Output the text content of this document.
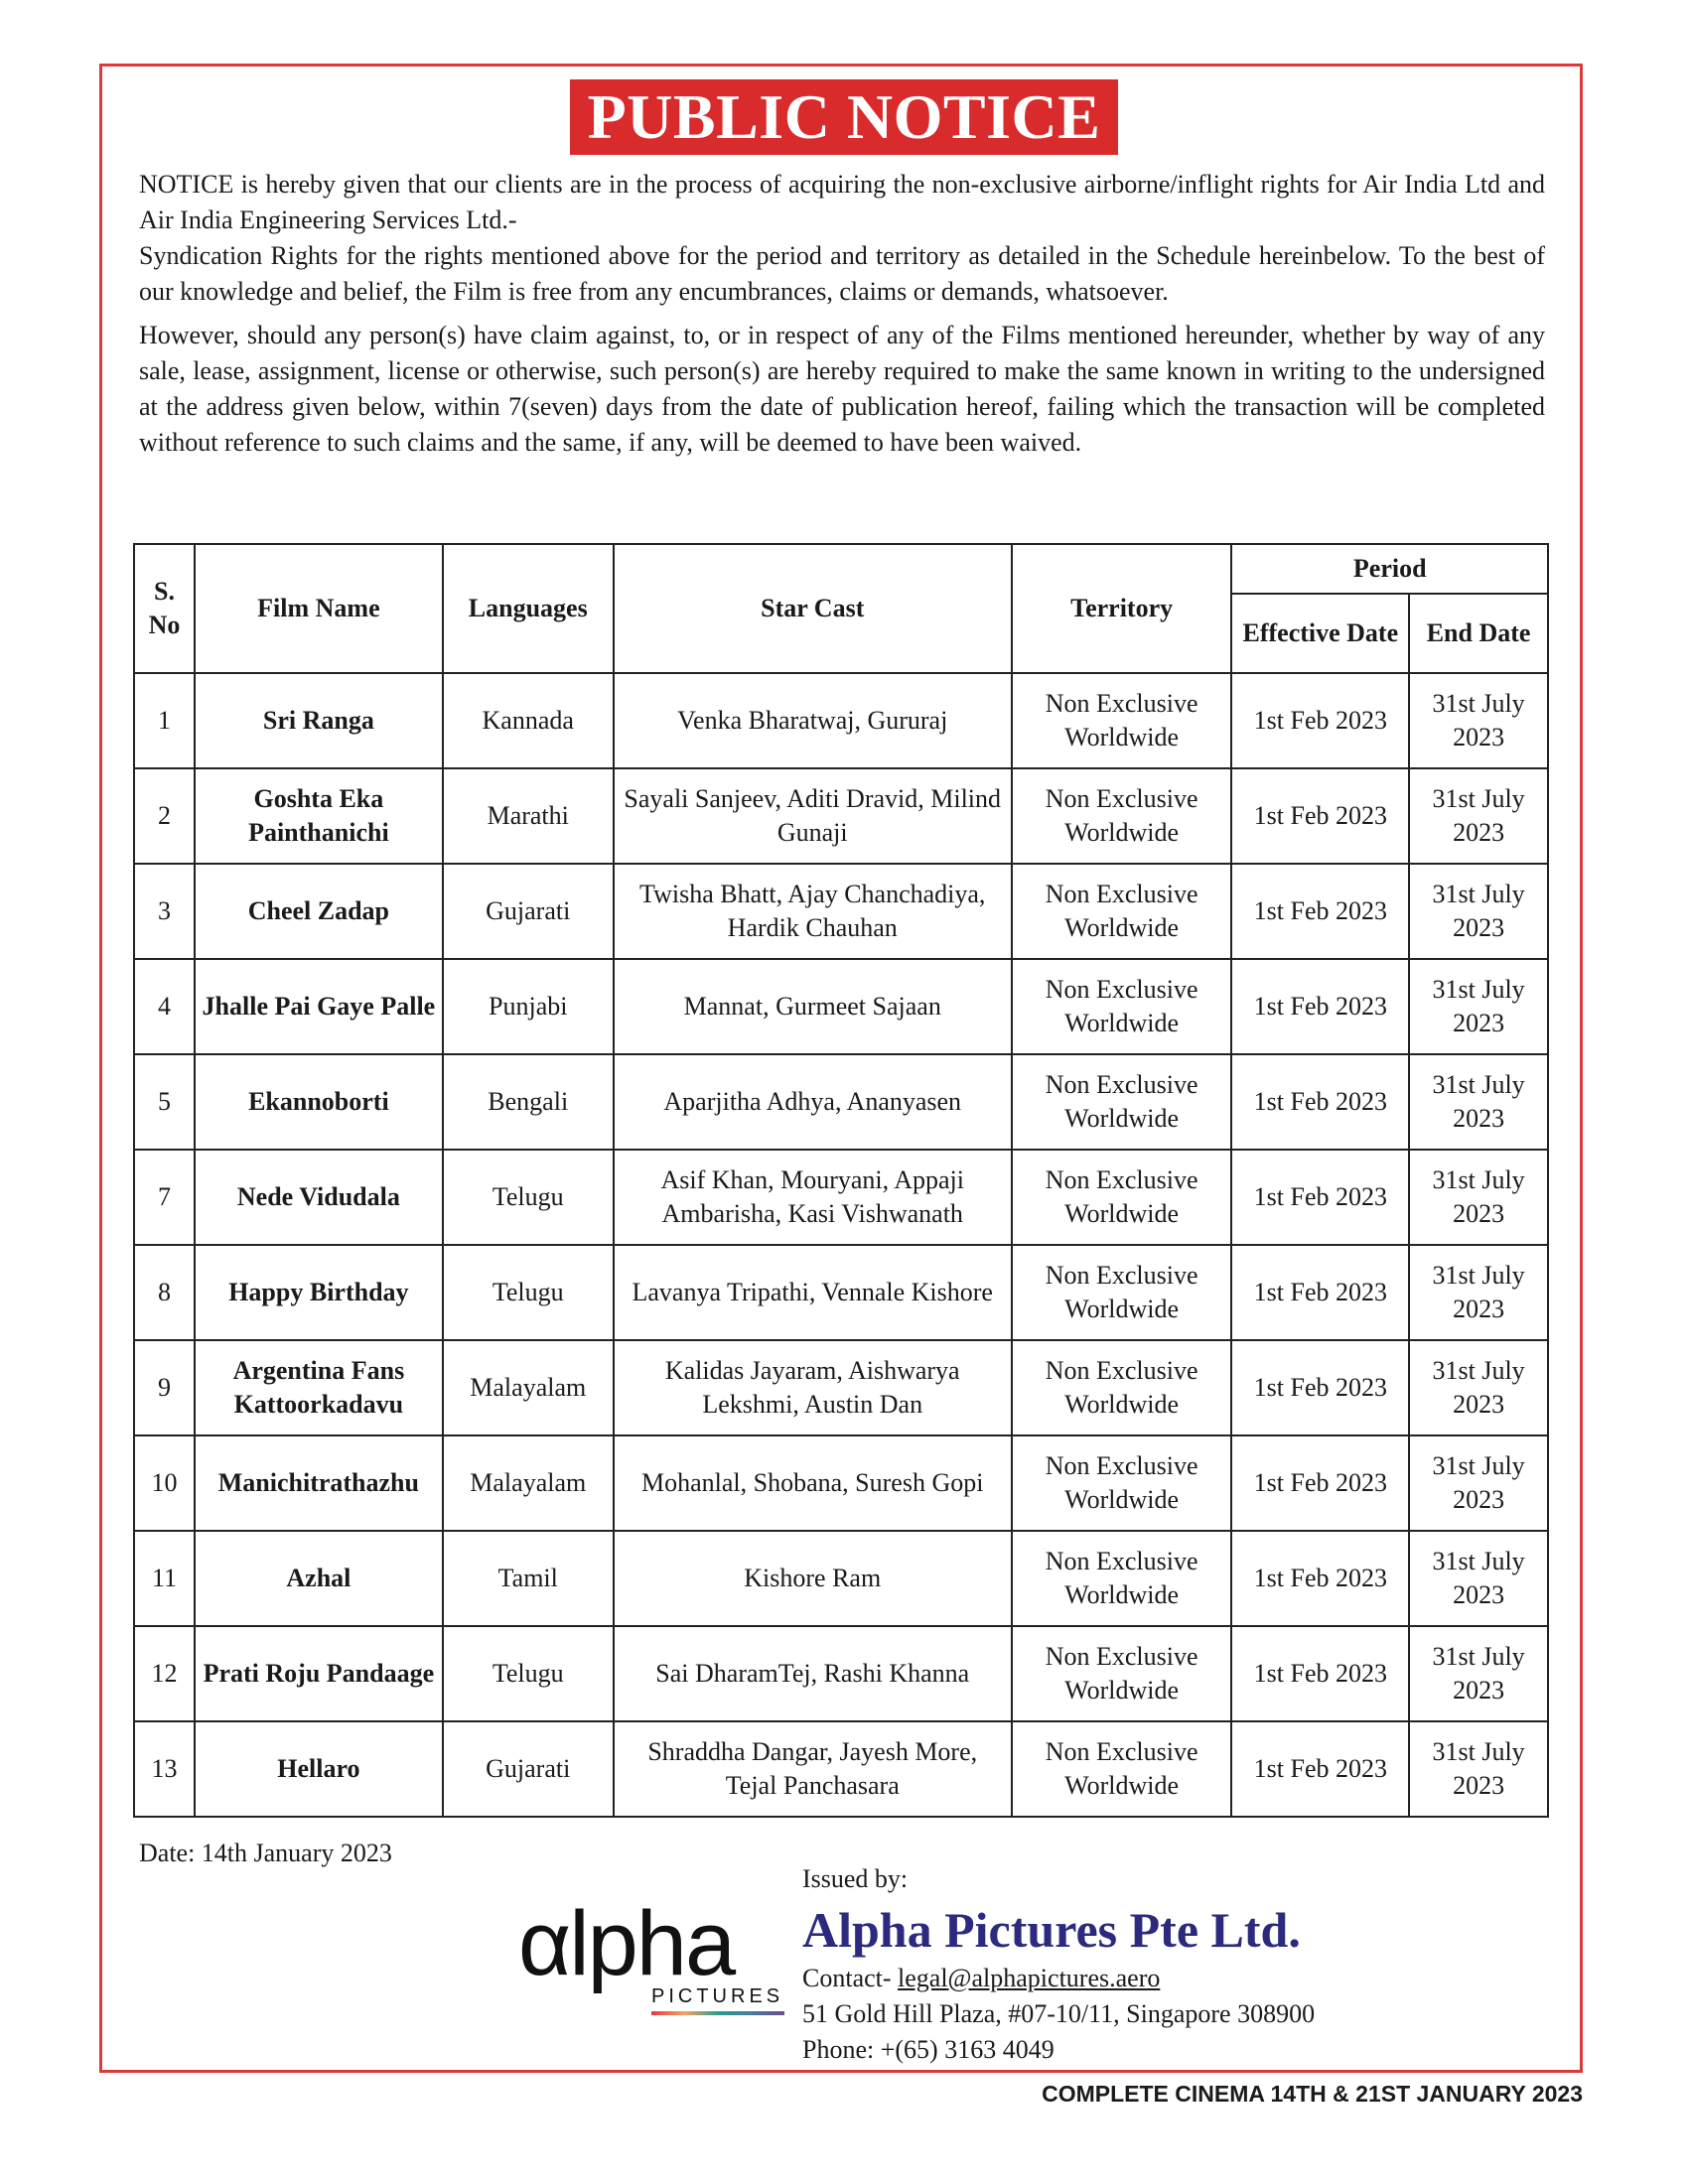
PUBLIC NOTICE

NOTICE is hereby given that our clients are in the process of acquiring the non-exclusive airborne/inflight rights for Air India Ltd and Air India Engineering Services Ltd.-

Syndication Rights for the rights mentioned above for the period and territory as detailed in the Schedule hereinbelow. To the best of our knowledge and belief, the Film is free from any encumbrances, claims or demands, whatsoever.

However, should any person(s) have claim against, to, or in respect of any of the Films mentioned hereunder, whether by way of any sale, lease, assignment, license or otherwise, such person(s) are hereby required to make the same known in writing to the undersigned at the address given below, within 7(seven) days from the date of publication hereof, failing which the transaction will be completed without reference to such claims and the same, if any, will be deemed to have been waived.

S. No	Film Name	Languages	Star Cast	Territory	Period	
					Effective Date	End Date
1	Sri Ranga	Kannada	Venka Bharatwaj, Gururaj	Non Exclusive Worldwide	1st Feb 2023	31st July 2023
2	Goshta Eka Painthanichi	Marathi	Sayali Sanjeev, Aditi Dravid, Milind Gunaji	Non Exclusive Worldwide	1st Feb 2023	31st July 2023
3	Cheel Zadap	Gujarati	Twisha Bhatt, Ajay Chanchadiya, Hardik Chauhan	Non Exclusive Worldwide	1st Feb 2023	31st July 2023
4	Jhalle Pai Gaye Palle	Punjabi	Mannat, Gurmeet Sajaan	Non Exclusive Worldwide	1st Feb 2023	31st July 2023
5	Ekannoborti	Bengali	Aparjitha Adhya, Ananyasen	Non Exclusive Worldwide	1st Feb 2023	31st July 2023
7	Nede Vidudala	Telugu	Asif Khan, Mouryani, Appaji Ambarisha, Kasi Vishwanath	Non Exclusive Worldwide	1st Feb 2023	31st July 2023
8	Happy Birthday	Telugu	Lavanya Tripathi, Vennale Kishore	Non Exclusive Worldwide	1st Feb 2023	31st July 2023
9	Argentina Fans Kattoorkadavu	Malayalam	Kalidas Jayaram, Aishwarya Lekshmi, Austin Dan	Non Exclusive Worldwide	1st Feb 2023	31st July 2023
10	Manichitrathazhu	Malayalam	Mohanlal, Shobana, Suresh Gopi	Non Exclusive Worldwide	1st Feb 2023	31st July 2023
11	Azhal	Tamil	Kishore Ram	Non Exclusive Worldwide	1st Feb 2023	31st July 2023
12	Prati Roju Pandaage	Telugu	Sai DharamTej, Rashi Khanna	Non Exclusive Worldwide	1st Feb 2023	31st July 2023
13	Hellaro	Gujarati	Shraddha Dangar, Jayesh More, Tejal Panchasara	Non Exclusive Worldwide	1st Feb 2023	31st July 2023
Date: 14th January 2023
αlpha
PICTURES
Issued by:
Alpha Pictures Pte Ltd.
Contact- legal@alphapictures.aero
51 Gold Hill Plaza, #07-10/11, Singapore 308900
Phone: +(65) 3163 4049
COMPLETE CINEMA 14TH & 21ST JANUARY 2023
